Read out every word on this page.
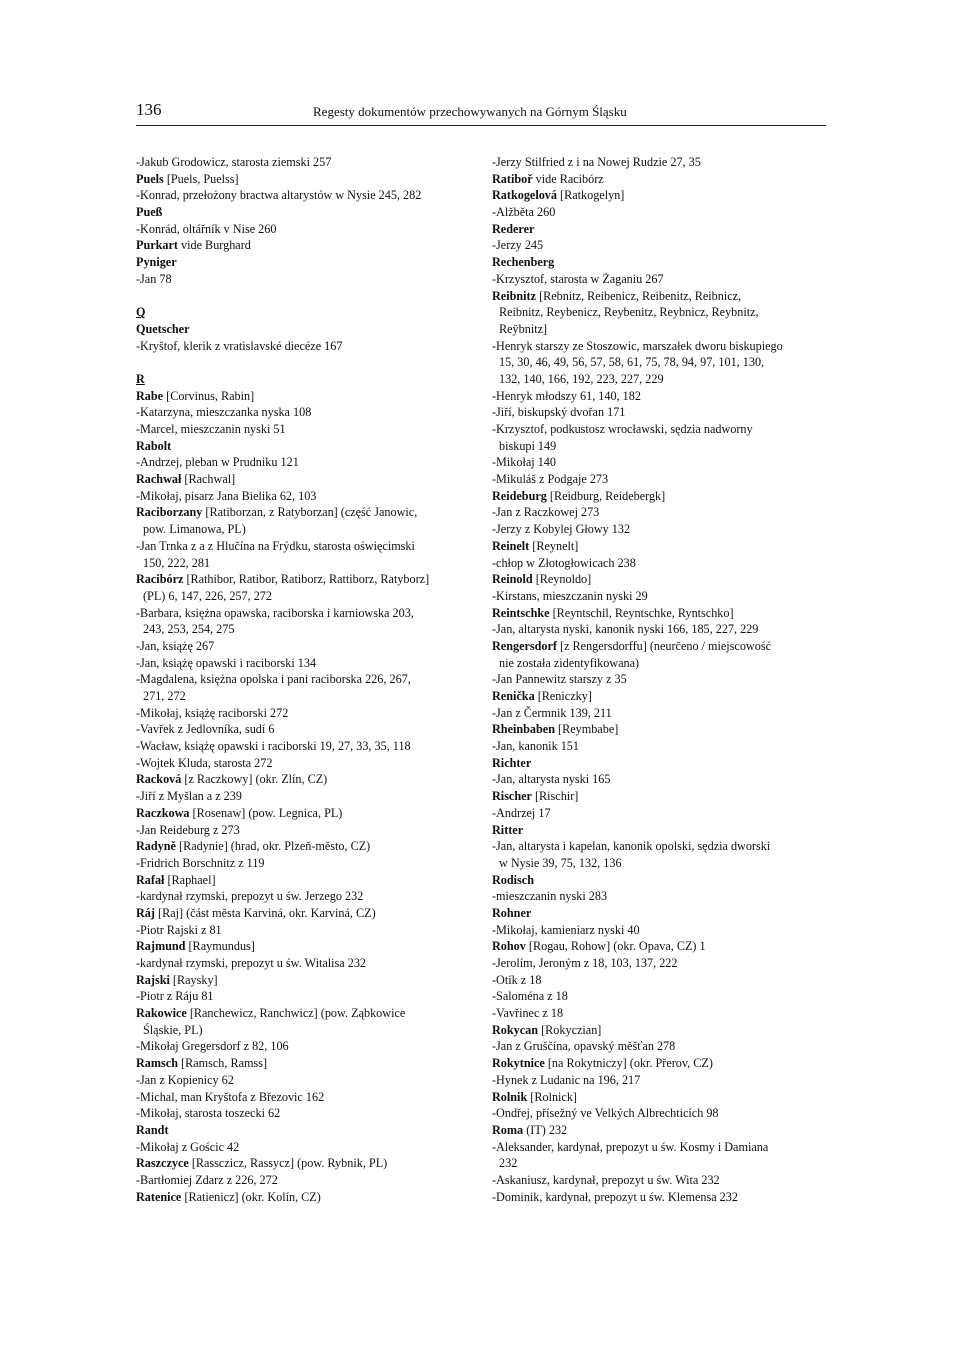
136	Regesty dokumentów przechowywanych na Górnym Śląsku
-Jakub Grodowicz, starosta ziemski 257
Puels [Puels, Puelss]
-Konrad, przełożony bractwa altarystów w Nysie 245, 282
Pueß
-Konrád, oltářník v Nise 260
Purkart vide Burghard
Pyniger
-Jan 78
Q
Quetscher
-Kryštof, klerik z vratislavské diecéze 167
R
Rabe [Corvinus, Rabin]
-Katarzyna, mieszczanka nyska 108
-Marcel, mieszczanin nyski 51
Rabolt
-Andrzej, pleban w Prudniku 121
Rachwał [Rachwal]
-Mikołaj, pisarz Jana Bielika 62, 103
Raciborzany [Ratiborzan, z Ratyborzan] (część Janowic,
pow. Limanowa, PL)
-Jan Trnka z a z Hlučína na Frýdku, starosta oświęcimski
150, 222, 281
Racibórz [Rathibor, Ratibor, Ratiborz, Rattiborz, Ratyborz]
(PL) 6, 147, 226, 257, 272
-Barbara, księżna opawska, raciborska i karniowska 203,
243, 253, 254, 275
-Jan, książę 267
-Jan, książę opawski i raciborski 134
-Magdalena, księżna opolska i pani raciborska 226, 267,
271, 272
-Mikołaj, książę raciborski 272
-Vavřek z Jedlovníka, sudí 6
-Wacław, książę opawski i raciborski 19, 27, 33, 35, 118
-Wojtek Kluda, starosta 272
Racková [z Raczkowy] (okr. Zlín, CZ)
-Jiří z Myšlan a z 239
Raczkowa [Rosenaw] (pow. Legnica, PL)
-Jan Reideburg z 273
Radyně [Radynie] (hrad, okr. Plzeň-město, CZ)
-Fridrich Borschnitz z 119
Rafał [Raphael]
-kardynał rzymski, prepozyt u św. Jerzego 232
Ráj [Raj] (část města Karviná, okr. Karviná, CZ)
-Piotr Rajski z 81
Rajmund [Raymundus]
-kardynał rzymski, prepozyt u św. Witalisa 232
Rajski [Raysky]
-Piotr z Ráju 81
Rakowice [Ranchewicz, Ranchwicz] (pow. Ząbkowice
Śląskie, PL)
-Mikołaj Gregersdorf z 82, 106
Ramsch [Ramsch, Ramss]
-Jan z Kopienicy 62
-Michal, man Kryštofa z Březovic 162
-Mikołaj, starosta toszecki 62
Randt
-Mikołaj z Gościc 42
Raszczyce [Rassczicz, Rassycz] (pow. Rybnik, PL)
-Bartłomiej Zdarz z 226, 272
Ratenice [Ratienicz] (okr. Kolín, CZ)
-Jerzy Stilfried z i na Nowej Rudzie 27, 35
Ratiboř vide Racibórz
Ratkogelová [Ratkogelyn]
-Alžběta 260
Rederer
-Jerzy 245
Rechenberg
-Krzysztof, starosta w Żaganiu 267
Reibnitz [Rebnitz, Reibenicz, Reibenitz, Reibnicz,
Reibnitz, Reybenicz, Reybenitz, Reybnicz, Reybnitz,
Reÿbnitz]
-Henryk starszy ze Stoszowic, marszałek dworu biskupiego
15, 30, 46, 49, 56, 57, 58, 61, 75, 78, 94, 97, 101, 130,
132, 140, 166, 192, 223, 227, 229
-Henryk młodszy 61, 140, 182
-Jiří, biskupský dvořan 171
-Krzysztof, podkustosz wrocławski, sędzia nadworny
biskupi 149
-Mikołaj 140
-Mikuláš z Podgaje 273
Reideburg [Reidburg, Reidebergk]
-Jan z Raczkowej 273
-Jerzy z Kobylej Głowy 132
Reinelt [Reynelt]
-chłop w Złotogłowicach 238
Reinold [Reynoldo]
-Kirstans, mieszczanin nyski 29
Reintschke [Reyntschil, Reyntschke, Ryntschko]
-Jan, altarysta nyski, kanonik nyski 166, 185, 227, 229
Rengersdorf [z Rengersdorffu] (neurčeno / miejscowość
nie została zidentyfikowana)
-Jan Pannewitz starszy z 35
Renička [Reniczky]
-Jan z Čermnik 139, 211
Rheinbaben [Reymbabe]
-Jan, kanonik 151
Richter
-Jan, altarysta nyski 165
Rischer [Rischir]
-Andrzej 17
Ritter
-Jan, altarysta i kapelan, kanonik opolski, sędzia dworski
w Nysie 39, 75, 132, 136
Rodisch
-mieszczanin nyski 283
Rohner
-Mikołaj, kamieniarz nyski 40
Rohov [Rogau, Rohow] (okr. Opava, CZ) 1
-Jerolím, Jeroným z 18, 103, 137, 222
-Otík z 18
-Saloména z 18
-Vavřinec z 18
Rokycan [Rokyczian]
-Jan z Gruščína, opavský měšťan 278
Rokytnice [na Rokytniczy] (okr. Přerov, CZ)
-Hynek z Ludanic na 196, 217
Rolnik [Rolnick]
-Ondřej, přísežný ve Velkých Albrechticích 98
Roma (IT) 232
-Aleksander, kardynał, prepozyt u św. Kosmy i Damiana
232
-Askaniusz, kardynał, prepozyt u św. Wita 232
-Dominik, kardynał, prepozyt u św. Klemensa 232
